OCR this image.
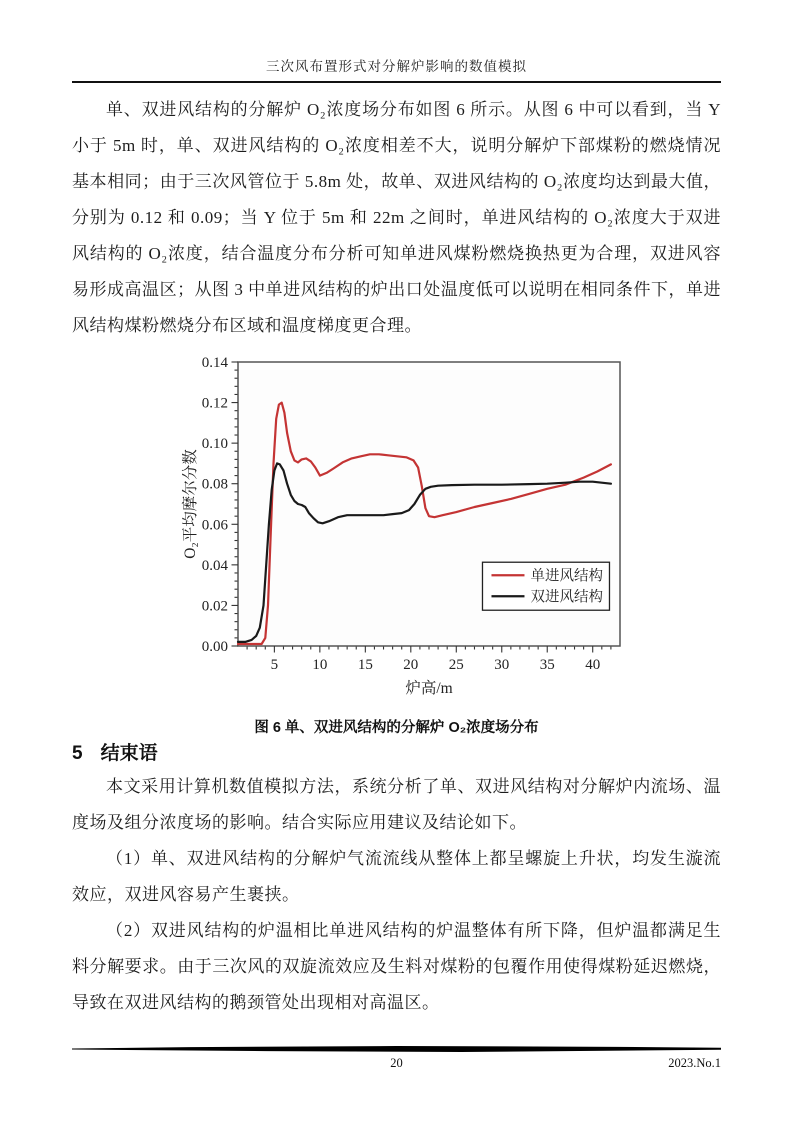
三次风布置形式对分解炉影响的数值模拟

单、双进风结构的分解炉 O₂浓度场分布如图 6 所示。从图 6 中可以看到，当 Y 小于 5m 时，单、双进风结构的 O₂浓度相差不大，说明分解炉下部煤粉的燃烧情况基本相同；由于三次风管位于 5.8m 处，故单、双进风结构的 O₂浓度均达到最大值，分别为 0.12 和 0.09；当 Y 位于 5m 和 22m 之间时，单进风结构的 O₂浓度大于双进风结构的 O₂浓度，结合温度分布分析可知单进风煤粉燃烧换热更为合理，双进风容易形成高温区；从图 3 中单进风结构的炉出口处温度低可以说明在相同条件下，单进风结构煤粉燃烧分布区域和温度梯度更合理。

5 10 15 20 25 30 35 40
0.00
0.02
0.04
0.06
0.08
0.10
0.12
0.14
炉高/m
O₂平均摩尔分数
单进风结构
双进风结构
图 6 单、双进风结构的分解炉 O₂浓度场分布
5 结束语

本文采用计算机数值模拟方法，系统分析了单、双进风结构对分解炉内流场、温度场及组分浓度场的影响。结合实际应用建议及结论如下。

（1）单、双进风结构的分解炉气流流线从整体上都呈螺旋上升状，均发生漩流效应，双进风容易产生裹挟。

（2）双进风结构的炉温相比单进风结构的炉温整体有所下降，但炉温都满足生料分解要求。由于三次风的双旋流效应及生料对煤粉的包覆作用使得煤粉延迟燃烧，导致在双进风结构的鹅颈管处出现相对高温区。

20	2023.No.1
